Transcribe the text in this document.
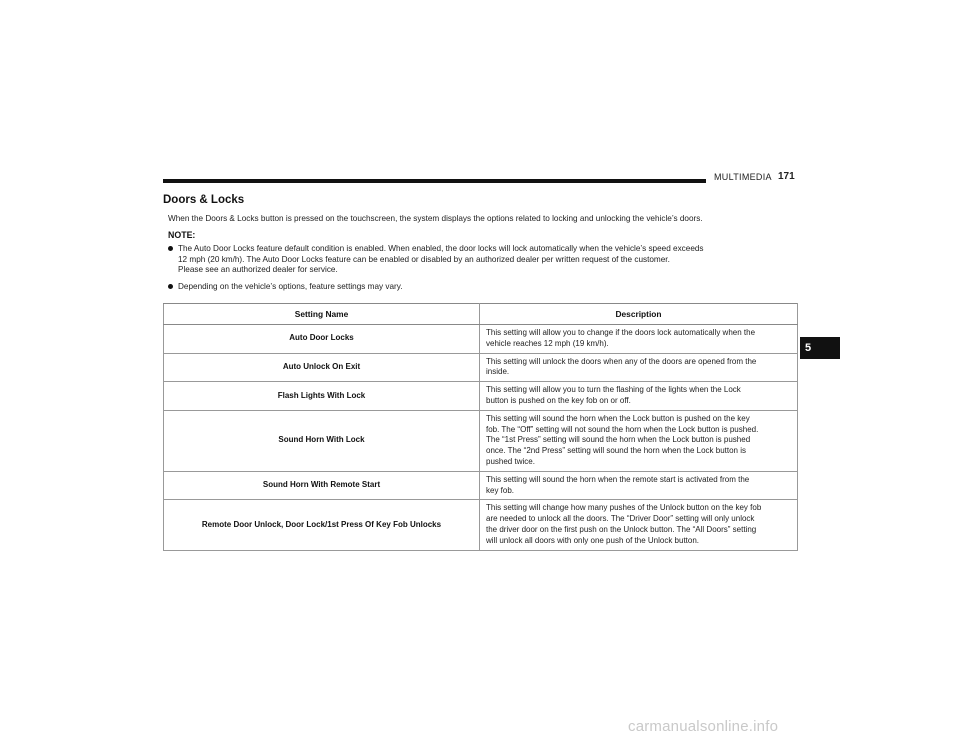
MULTIMEDIA 171
Doors & Locks
When the Doors & Locks button is pressed on the touchscreen, the system displays the options related to locking and unlocking the vehicle’s doors.
NOTE:
The Auto Door Locks feature default condition is enabled. When enabled, the door locks will lock automatically when the vehicle’s speed exceeds
12 mph (20 km/h). The Auto Door Locks feature can be enabled or disabled by an authorized dealer per written request of the customer.
Please see an authorized dealer for service.
Depending on the vehicle’s options, feature settings may vary.
Setting Name	Description
Auto Door Locks	This setting will allow you to change if the doors lock automatically when the
vehicle reaches 12 mph (19 km/h).

Auto Unlock On Exit	This setting will unlock the doors when any of the doors are opened from the
inside.

Flash Lights With Lock	This setting will allow you to turn the flashing of the lights when the Lock
button is pushed on the key fob on or off.

Sound Horn With Lock	This setting will sound the horn when the Lock button is pushed on the key
fob. The “Off” setting will not sound the horn when the Lock button is pushed.
The “1st Press” setting will sound the horn when the Lock button is pushed
once. The “2nd Press” setting will sound the horn when the Lock button is
pushed twice.

Sound Horn With Remote Start	This setting will sound the horn when the remote start is activated from the
key fob.

Remote Door Unlock, Door Lock/1st Press Of Key Fob Unlocks	This setting will change how many pushes of the Unlock button on the key fob
are needed to unlock all the doors. The “Driver Door” setting will only unlock
the driver door on the first push on the Unlock button. The “All Doors” setting
will unlock all doors with only one push of the Unlock button.
5
carmanualsonline.info
